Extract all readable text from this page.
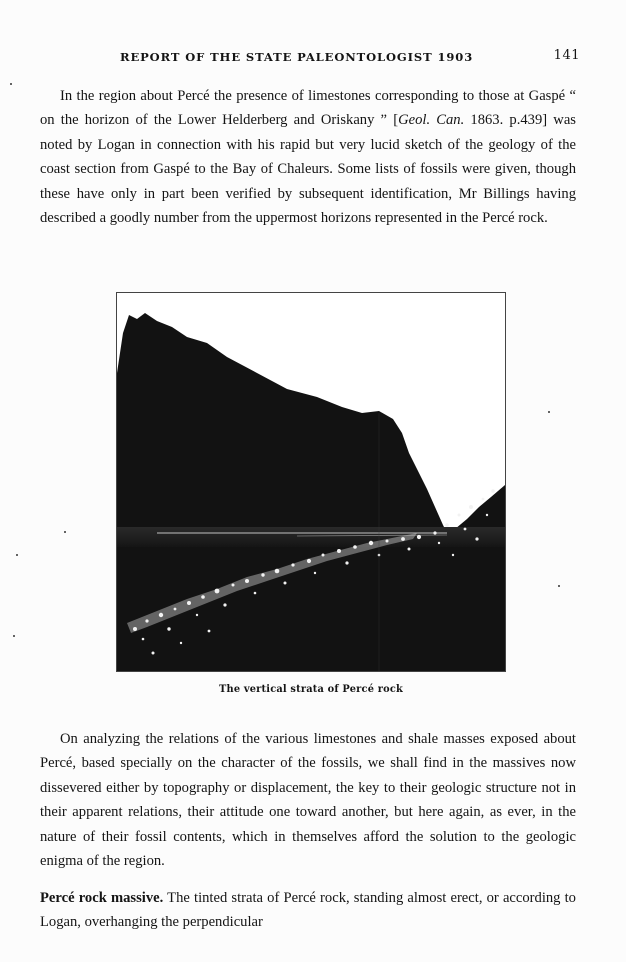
REPORT OF THE STATE PALEONTOLOGIST 1903	141

In the region about Percé the presence of limestones corresponding to those at Gaspé “ on the horizon of the Lower Helderberg and Oriskany ” [Geol. Can. 1863. p.439] was noted by Logan in connection with his rapid but very lucid sketch of the geology of the coast section from Gaspé to the Bay of Chaleurs. Some lists of fossils were given, though these have only in part been verified by subsequent identification, Mr Billings having described a goodly number from the uppermost horizons represented in the Percé rock.

The vertical strata of Percé rock

On analyzing the relations of the various limestones and shale masses exposed about Percé, based specially on the character of the fossils, we shall find in the massives now dissevered either by topography or displacement, the key to their geologic structure not in their apparent relations, their attitude one toward another, but here again, as ever, in the nature of their fossil contents, which in themselves afford the solution to the geologic enigma of the region.

Percé rock massive. The tinted strata of Percé rock, standing almost erect, or according to Logan, overhanging the perpendicular
